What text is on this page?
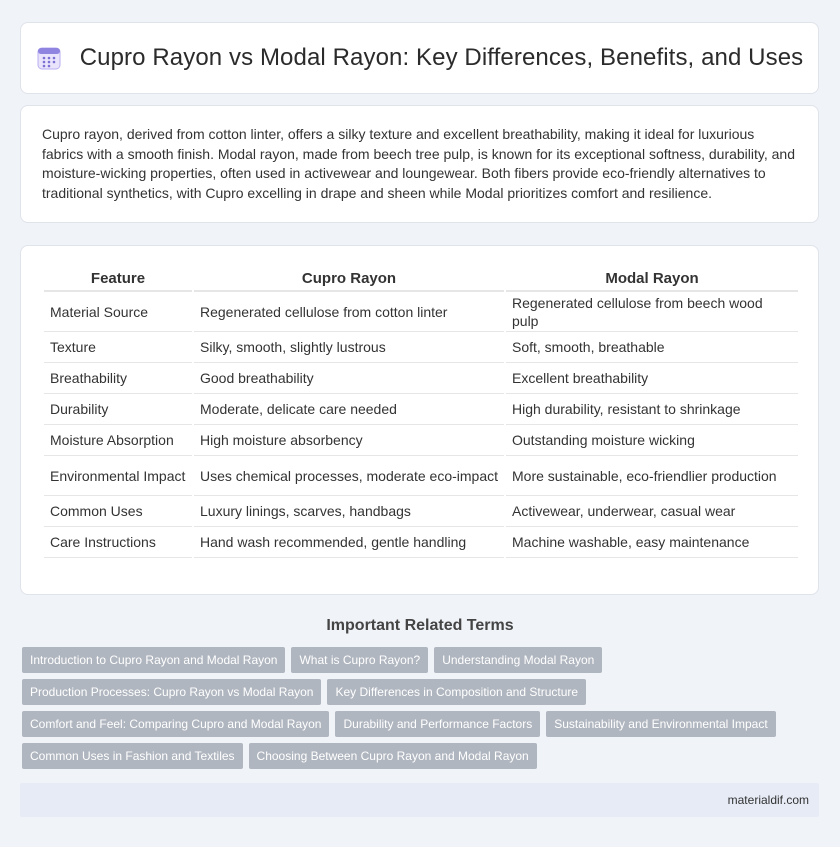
Cupro Rayon vs Modal Rayon: Key Differences, Benefits, and Uses

Cupro rayon, derived from cotton linter, offers a silky texture and excellent breathability, making it ideal for luxurious fabrics with a smooth finish. Modal rayon, made from beech tree pulp, is known for its exceptional softness, durability, and moisture-wicking properties, often used in activewear and loungewear. Both fibers provide eco-friendly alternatives to traditional synthetics, with Cupro excelling in drape and sheen while Modal prioritizes comfort and resilience.

Feature	Cupro Rayon	Modal Rayon
Material Source	Regenerated cellulose from cotton linter	Regenerated cellulose from beech wood pulp
Texture	Silky, smooth, slightly lustrous	Soft, smooth, breathable
Breathability	Good breathability	Excellent breathability
Durability	Moderate, delicate care needed	High durability, resistant to shrinkage
Moisture Absorption	High moisture absorbency	Outstanding moisture wicking
Environmental Impact	Uses chemical processes, moderate eco-impact	More sustainable, eco-friendlier production
Common Uses	Luxury linings, scarves, handbags	Activewear, underwear, casual wear
Care Instructions	Hand wash recommended, gentle handling	Machine washable, easy maintenance
Important Related Terms
Introduction to Cupro Rayon and Modal Rayon	What is Cupro Rayon?	Understanding Modal Rayon
Production Processes: Cupro Rayon vs Modal Rayon	Key Differences in Composition and Structure
Comfort and Feel: Comparing Cupro and Modal Rayon	Durability and Performance Factors	Sustainability and Environmental Impact
Common Uses in Fashion and Textiles	Choosing Between Cupro Rayon and Modal Rayon
materialdif.com
